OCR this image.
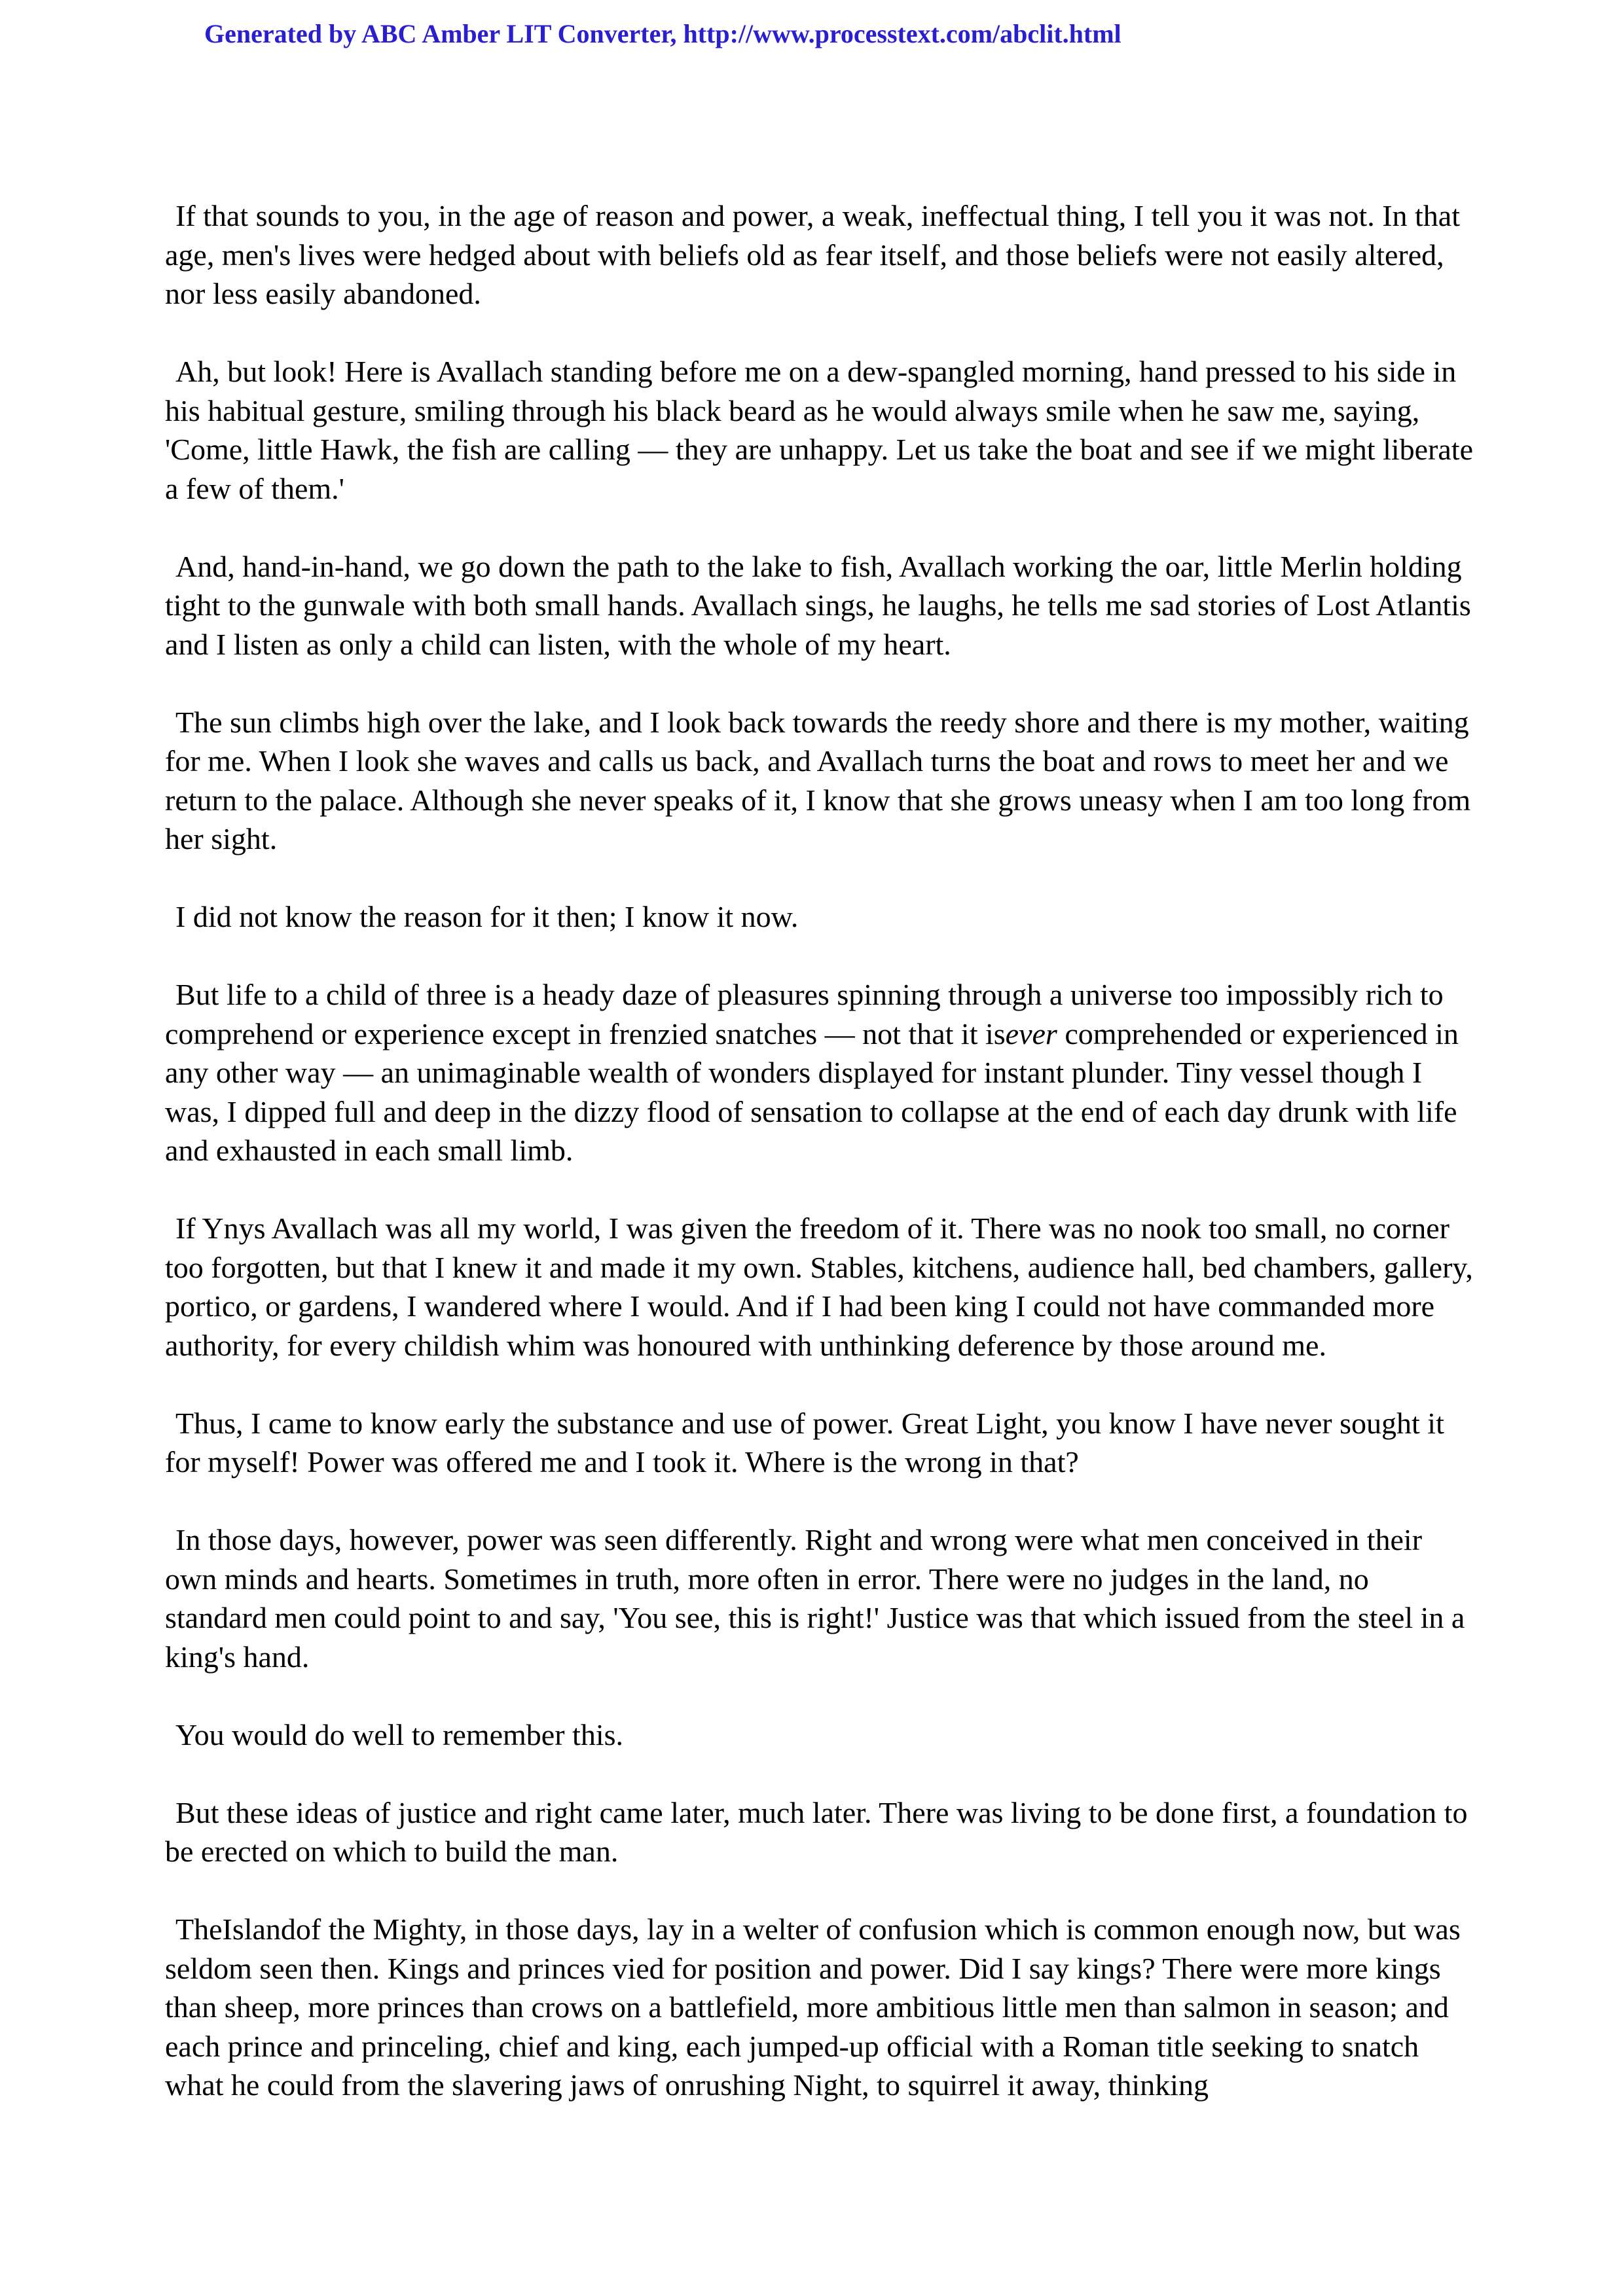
Generated by ABC Amber LIT Converter, http://www.processtext.com/abclit.html

If that sounds to you, in the age of reason and power, a weak, ineffectual thing, I tell you it was not. In that age, men's lives were hedged about with beliefs old as fear itself, and those beliefs were not easily altered, nor less easily abandoned.

Ah, but look! Here is Avallach standing before me on a dew-spangled morning, hand pressed to his side in his habitual gesture, smiling through his black beard as he would always smile when he saw me, saying, 'Come, little Hawk, the fish are calling — they are unhappy. Let us take the boat and see if we might liberate a few of them.'

And, hand-in-hand, we go down the path to the lake to fish, Avallach working the oar, little Merlin holding tight to the gunwale with both small hands. Avallach sings, he laughs, he tells me sad stories of Lost Atlantis and I listen as only a child can listen, with the whole of my heart.

The sun climbs high over the lake, and I look back towards the reedy shore and there is my mother, waiting for me. When I look she waves and calls us back, and Avallach turns the boat and rows to meet her and we return to the palace. Although she never speaks of it, I know that she grows uneasy when I am too long from her sight.

I did not know the reason for it then; I know it now.

But life to a child of three is a heady daze of pleasures spinning through a universe too impossibly rich to comprehend or experience except in frenzied snatches — not that it isever comprehended or experienced in any other way — an unimaginable wealth of wonders displayed for instant plunder. Tiny vessel though I was, I dipped full and deep in the dizzy flood of sensation to collapse at the end of each day drunk with life and exhausted in each small limb.

If Ynys Avallach was all my world, I was given the freedom of it. There was no nook too small, no corner too forgotten, but that I knew it and made it my own. Stables, kitchens, audience hall, bed chambers, gallery, portico, or gardens, I wandered where I would. And if I had been king I could not have commanded more authority, for every childish whim was honoured with unthinking deference by those around me.

Thus, I came to know early the substance and use of power. Great Light, you know I have never sought it for myself! Power was offered me and I took it. Where is the wrong in that?

In those days, however, power was seen differently. Right and wrong were what men conceived in their own minds and hearts. Sometimes in truth, more often in error. There were no judges in the land, no standard men could point to and say, 'You see, this is right!' Justice was that which issued from the steel in a king's hand.

You would do well to remember this.

But these ideas of justice and right came later, much later. There was living to be done first, a foundation to be erected on which to build the man.

TheIslandof the Mighty, in those days, lay in a welter of confusion which is common enough now, but was seldom seen then. Kings and princes vied for position and power. Did I say kings? There were more kings than sheep, more princes than crows on a battlefield, more ambitious little men than salmon in season; and each prince and princeling, chief and king, each jumped-up official with a Roman title seeking to snatch what he could from the slavering jaws of onrushing Night, to squirrel it away, thinking
